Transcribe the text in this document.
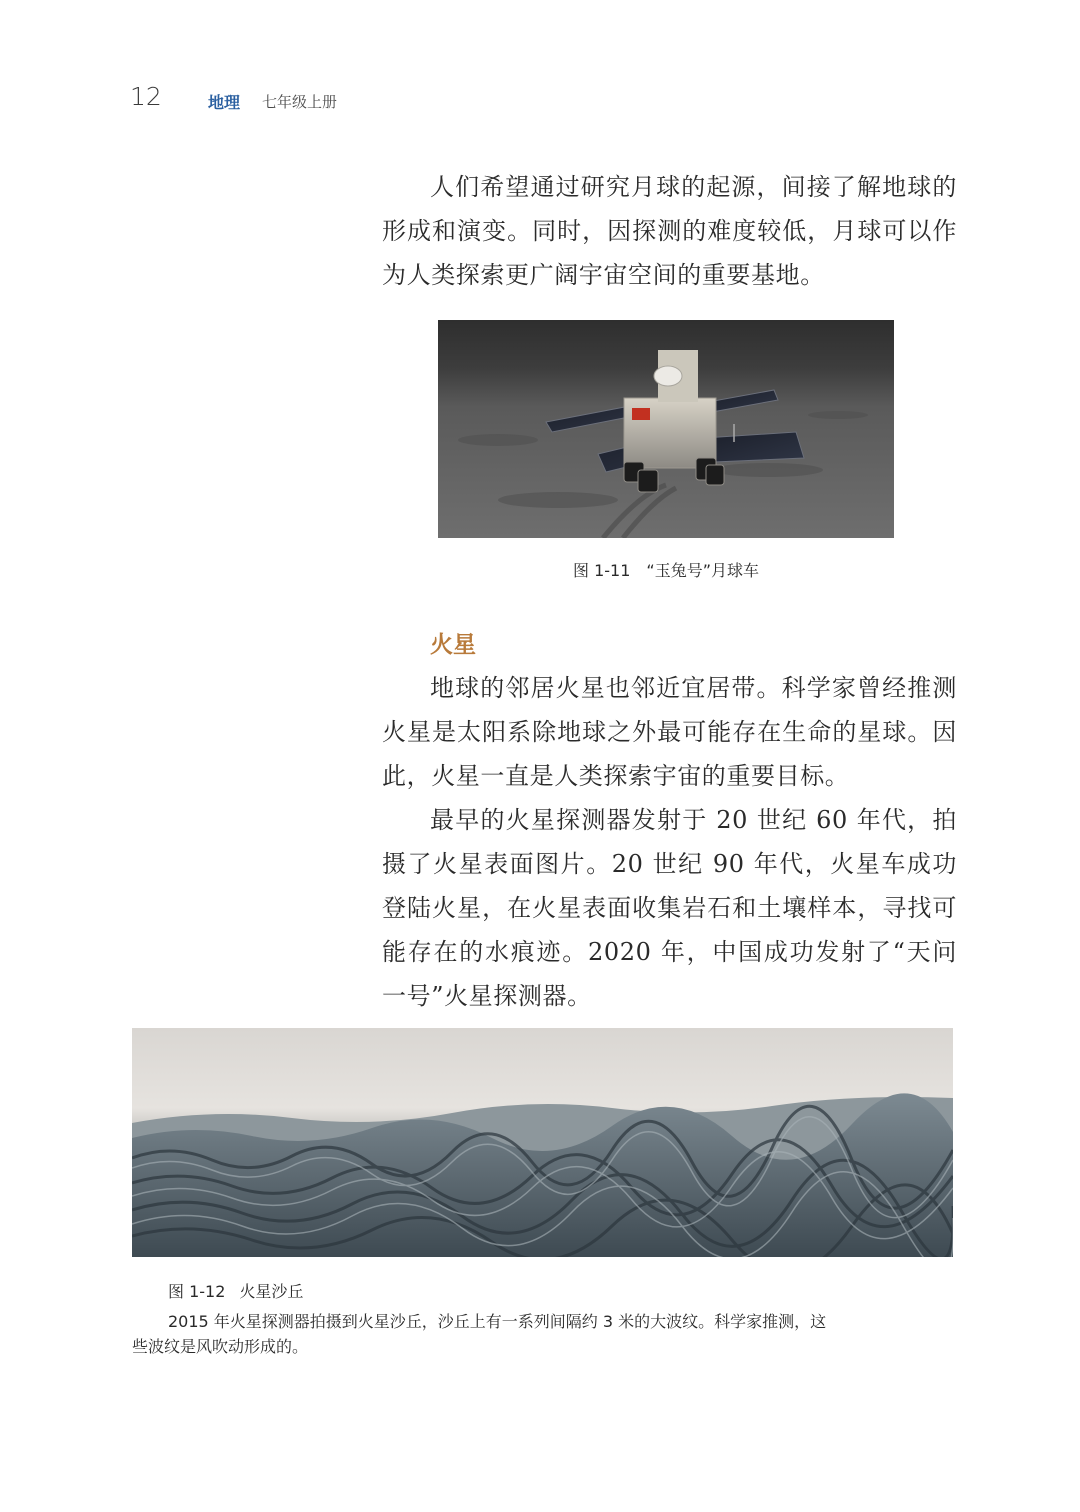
12	地理 七年级上册

人们希望通过研究月球的起源，间接了解地球的形成和演变。同时，因探测的难度较低，月球可以作为人类探索更广阔宇宙空间的重要基地。

图 1-11 “玉兔号”月球车
火星

地球的邻居火星也邻近宜居带。科学家曾经推测火星是太阳系除地球之外最可能存在生命的星球。因此，火星一直是人类探索宇宙的重要目标。

最早的火星探测器发射于 20 世纪 60 年代，拍摄了火星表面图片。20 世纪 90 年代，火星车成功登陆火星，在火星表面收集岩石和土壤样本，寻找可能存在的水痕迹。2020 年，中国成功发射了“天问一号”火星探测器。

图 1-12 火星沙丘
2015 年火星探测器拍摄到火星沙丘，沙丘上有一系列间隔约 3 米的大波纹。科学家推测，这些波纹是风吹动形成的。
